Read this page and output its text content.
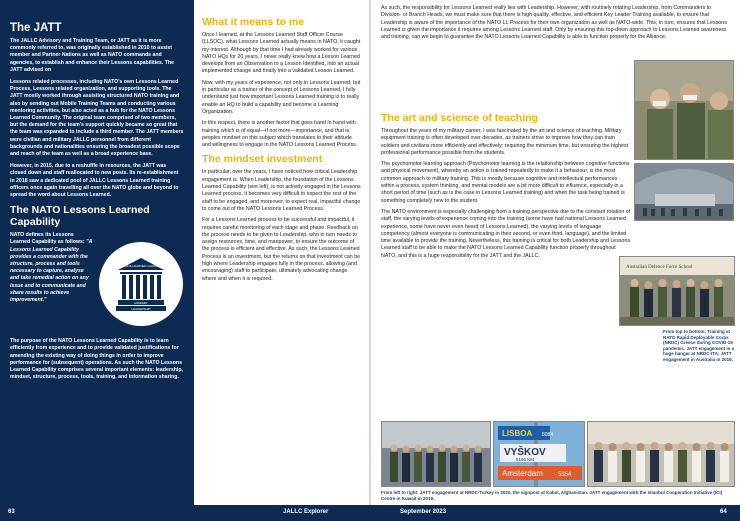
The JATT

The JALLC Advisory and Training Team, or JATT as it is more commonly referred to, was originally established in 2010 to assist member and Partner Nations as well as NATO commands and agencies, to establish and enhance their Lessons capabilities. The JATT advised on

Lessons related processes, including NATO's own Lessons Learned Process, Lessons related organization, and supporting tools. The JATT mostly worked through assisting structured NATO training and also by sending out Mobile Training Teams and conducting various mentoring activities, but also acted as a hub for the NATO Lessons Learned Community. The original team comprised of two members, but the demand for the team's support quickly became so great that the team was expanded to include a third member. The JATT members were civilian and military JALLC personnel from different backgrounds and nationalities ensuring the broadest possible scope and reach of the team as well as a broad experience base.

However, in 2015, due to a reshuffle in resources, the JATT was closed down and staff reallocated to new posts. Its re-establishment in 2018 saw a dedicated pool of JALLC Lessons Learned training officers once again travelling all over the NATO globe and beyond to spread the word about Lessons Learned.

The NATO Lessons Learned Capability
NATO defines its Lessons Learned Capability as follows: "A Lessons Learned Capability provides a commander with the structure, process and tools necessary to capture, analyse and take remedial action on any issue and to communicate and share results to achieve improvement."
LESSONS LEARNED CAPABILITY
MINDSET
LEADERSHIP

The purpose of the NATO Lessons Learned Capability is to learn efficiently from experience and to provide validated justifications for amending the existing way of doing things in order to improve performance for (subsequent) operations. As such the NATO Lessons Learned Capability comprises several important elements: leadership, mindset, structure, process, tools, training, and information sharing.

What it means to me

Once I learned, at the Lessons Learned Staff Officer Course (LLSOC), what Lessons Learned actually means in NATO, it caught my interest. Although by that time I had already worked for various NATO HQs for 20 years, I never really knew how a Lesson Learned develops from an Observation to a Lesson Identified, into an actual implemented change and finally into a validated Lesson Learned.

Now, with my years of experience, not only in Lessons Learned, but in particular as a trainer of the concept of Lessons Learned, I fully understand just how important Lessons Learned training is to really enable an HQ to build a capability and become a Learning Organization.

In this respect, there is another factor that goes hand in hand with training which is of equal—if not more—importance, and that is peoples mindset on this subject which translates to their attitude and willingness to engage in the NATO Lessons Learned Process.

The mindset investment

In particular, over the years, I have noticed how critical Leadership engagement is. When Leadership, the foundation of the Lessons Learned Capability (see left), is not actively engaged in the Lessons Learned process, it becomes very difficult to expect the rest of the staff to be engaged, and moreover, to expect real, impactful change to come out of the NATO Lessons Learned Process.

For a Lessons Learned process to be successful and impactful, it requires careful monitoring of each stage and phase. Feedback on the process needs to be given to Leadership, who in turn needs to assign resources, time, and manpower, to ensure the outcome of the process is efficient and effective. As such, the Lessons Learned Process is an investment, but the returns on that investment can be high where Leadership engages fully in the process, allowing (and encouraging) staff to participate, ultimately advocating change where and when it is required.

As such, the responsibility for Lessons Learned really lies with Leadership. However, with routinely rotating Leadership, from Commanders to Division- or Branch Heads, we must make sure that there is high quality, effective, and efficient Key Leader Training available, to ensure that Leadership is aware of the importance of the NATO LL Process for their own organization as well as NATO-wide. This, in turn, ensures that Lessons Learned is given the importance it requires among Lessons Learned staff. Only by ensuring this top-down approach to Lessons Learned awareness and training, can we begin to guarantee the NATO Lessons Learned Capability is able to function properly for the Alliance.

The art and science of teaching

Throughout the years of my military career, I was fascinated by the art and science of teaching. Military equipment training is often developed over decades, as trainers strive to improve how they can train soldiers and civilians more efficiently and effectively; requiring the minimum time, but ensuring the highest professional performance possible from the students.

The psychomotor learning approach (Psychomotor learning is the relationship between cognitive functions and physical movement), whereby an action is trained repeatedly to make it a behaviour, is the most common approach to military training. This is mostly because cognitive and intellectual performances within a process, system thinking, and mental models are a bit more difficult to influence, especially in a short period of time (such as is the case in Lessons Learned training) and when the task being trained is something completely new to the student.

The NATO environment is especially challenging from a training perspective due to the constant rotation of staff, the varying levels of experience coming into the training (some have had national Lessons Learned experience, some have never even heard of Lessons Learned), the varying levels of language competency (almost everyone is communicating in their second, or even third, language), and the limited time available to provide the training. Nevertheless, this training is critical for both Leadership and Lessons Learned staff to be able to make the NATO Lessons Learned Capability function properly throughout NATO, and this is a huge responsibility for the JATT and the JALLC.

Australian Defence Force School
From top to bottom: Training at NATO Rapid Deployable Corps (NRDC) Greece during COVID-19 pandemic. JATT engagement in a huge hangar at NRDC-ITA; JATT engagement in Australia in 2016.
LISBOA 8084
VYŠKOV
5166 KM
Amsterdam	5354
From left to right: JATT engagement at NRDC-Turkey in 2020, the signpost at Kabul, Afghanistan. JATT engagement with the Istanbul Cooperation Initiative (ICI) Centre in Kuwait in 2019.
63	JALLC Explorer	September 2023	64
